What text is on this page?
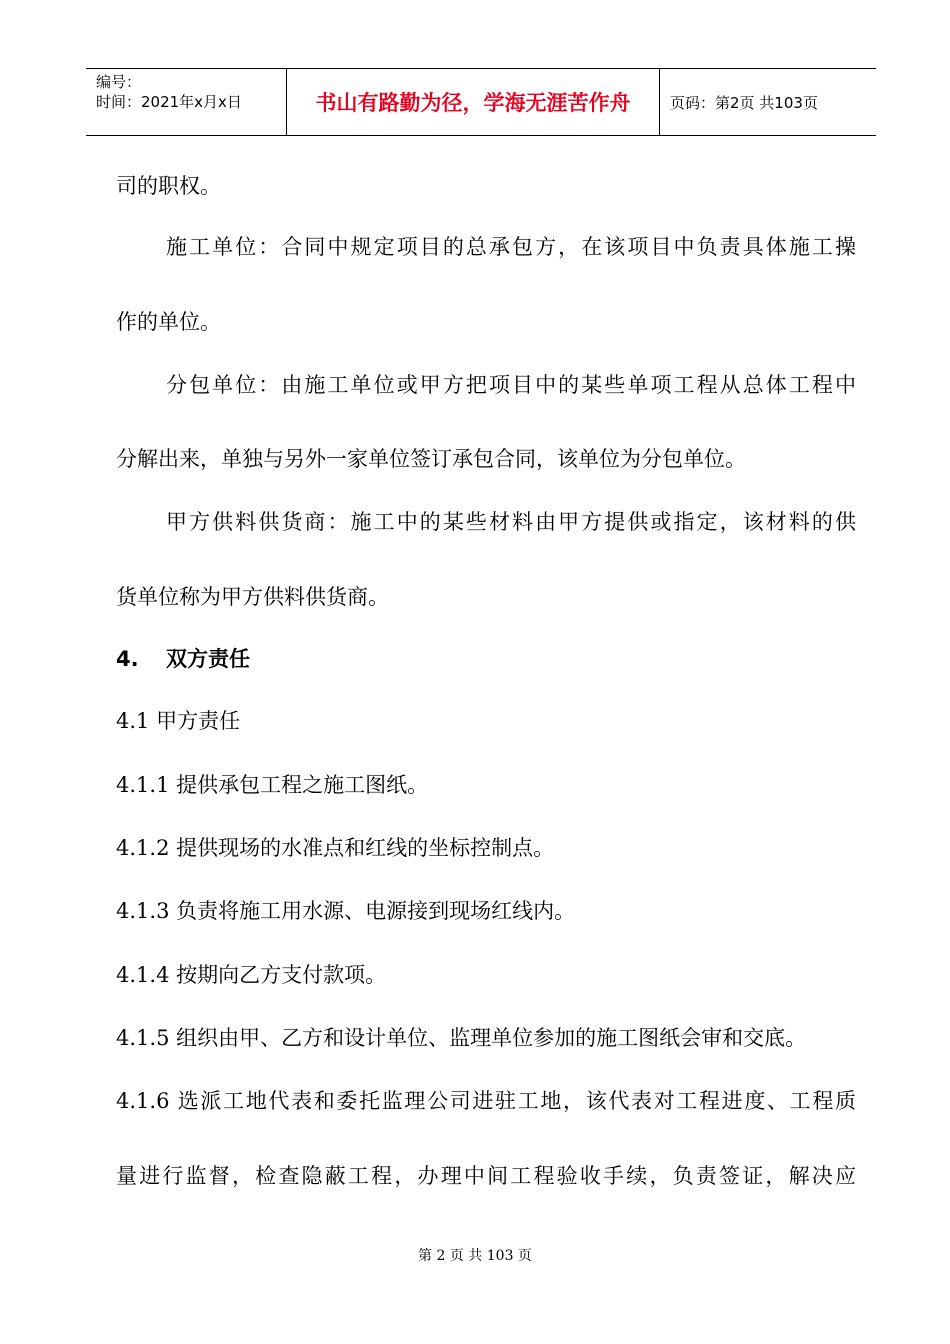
编号：
时间：2021年x月x日	书山有路勤为径，学海无涯苦作舟	页码：第2页 共103页
司的职权。
施工单位：合同中规定项目的总承包方，在该项目中负责具体施工操
作的单位。
分包单位：由施工单位或甲方把项目中的某些单项工程从总体工程中
分解出来，单独与另外一家单位签订承包合同，该单位为分包单位。
甲方供料供货商：施工中的某些材料由甲方提供或指定，该材料的供
货单位称为甲方供料供货商。
4. 双方责任
4.1 甲方责任
4.1.1 提供承包工程之施工图纸。
4.1.2 提供现场的水准点和红线的坐标控制点。
4.1.3 负责将施工用水源、电源接到现场红线内。
4.1.4 按期向乙方支付款项。
4.1.5 组织由甲、乙方和设计单位、监理单位参加的施工图纸会审和交底。
4.1.6 选派工地代表和委托监理公司进驻工地，该代表对工程进度、工程质
量进行监督，检查隐蔽工程，办理中间工程验收手续，负责签证，解决应
第 2 页 共 103 页
